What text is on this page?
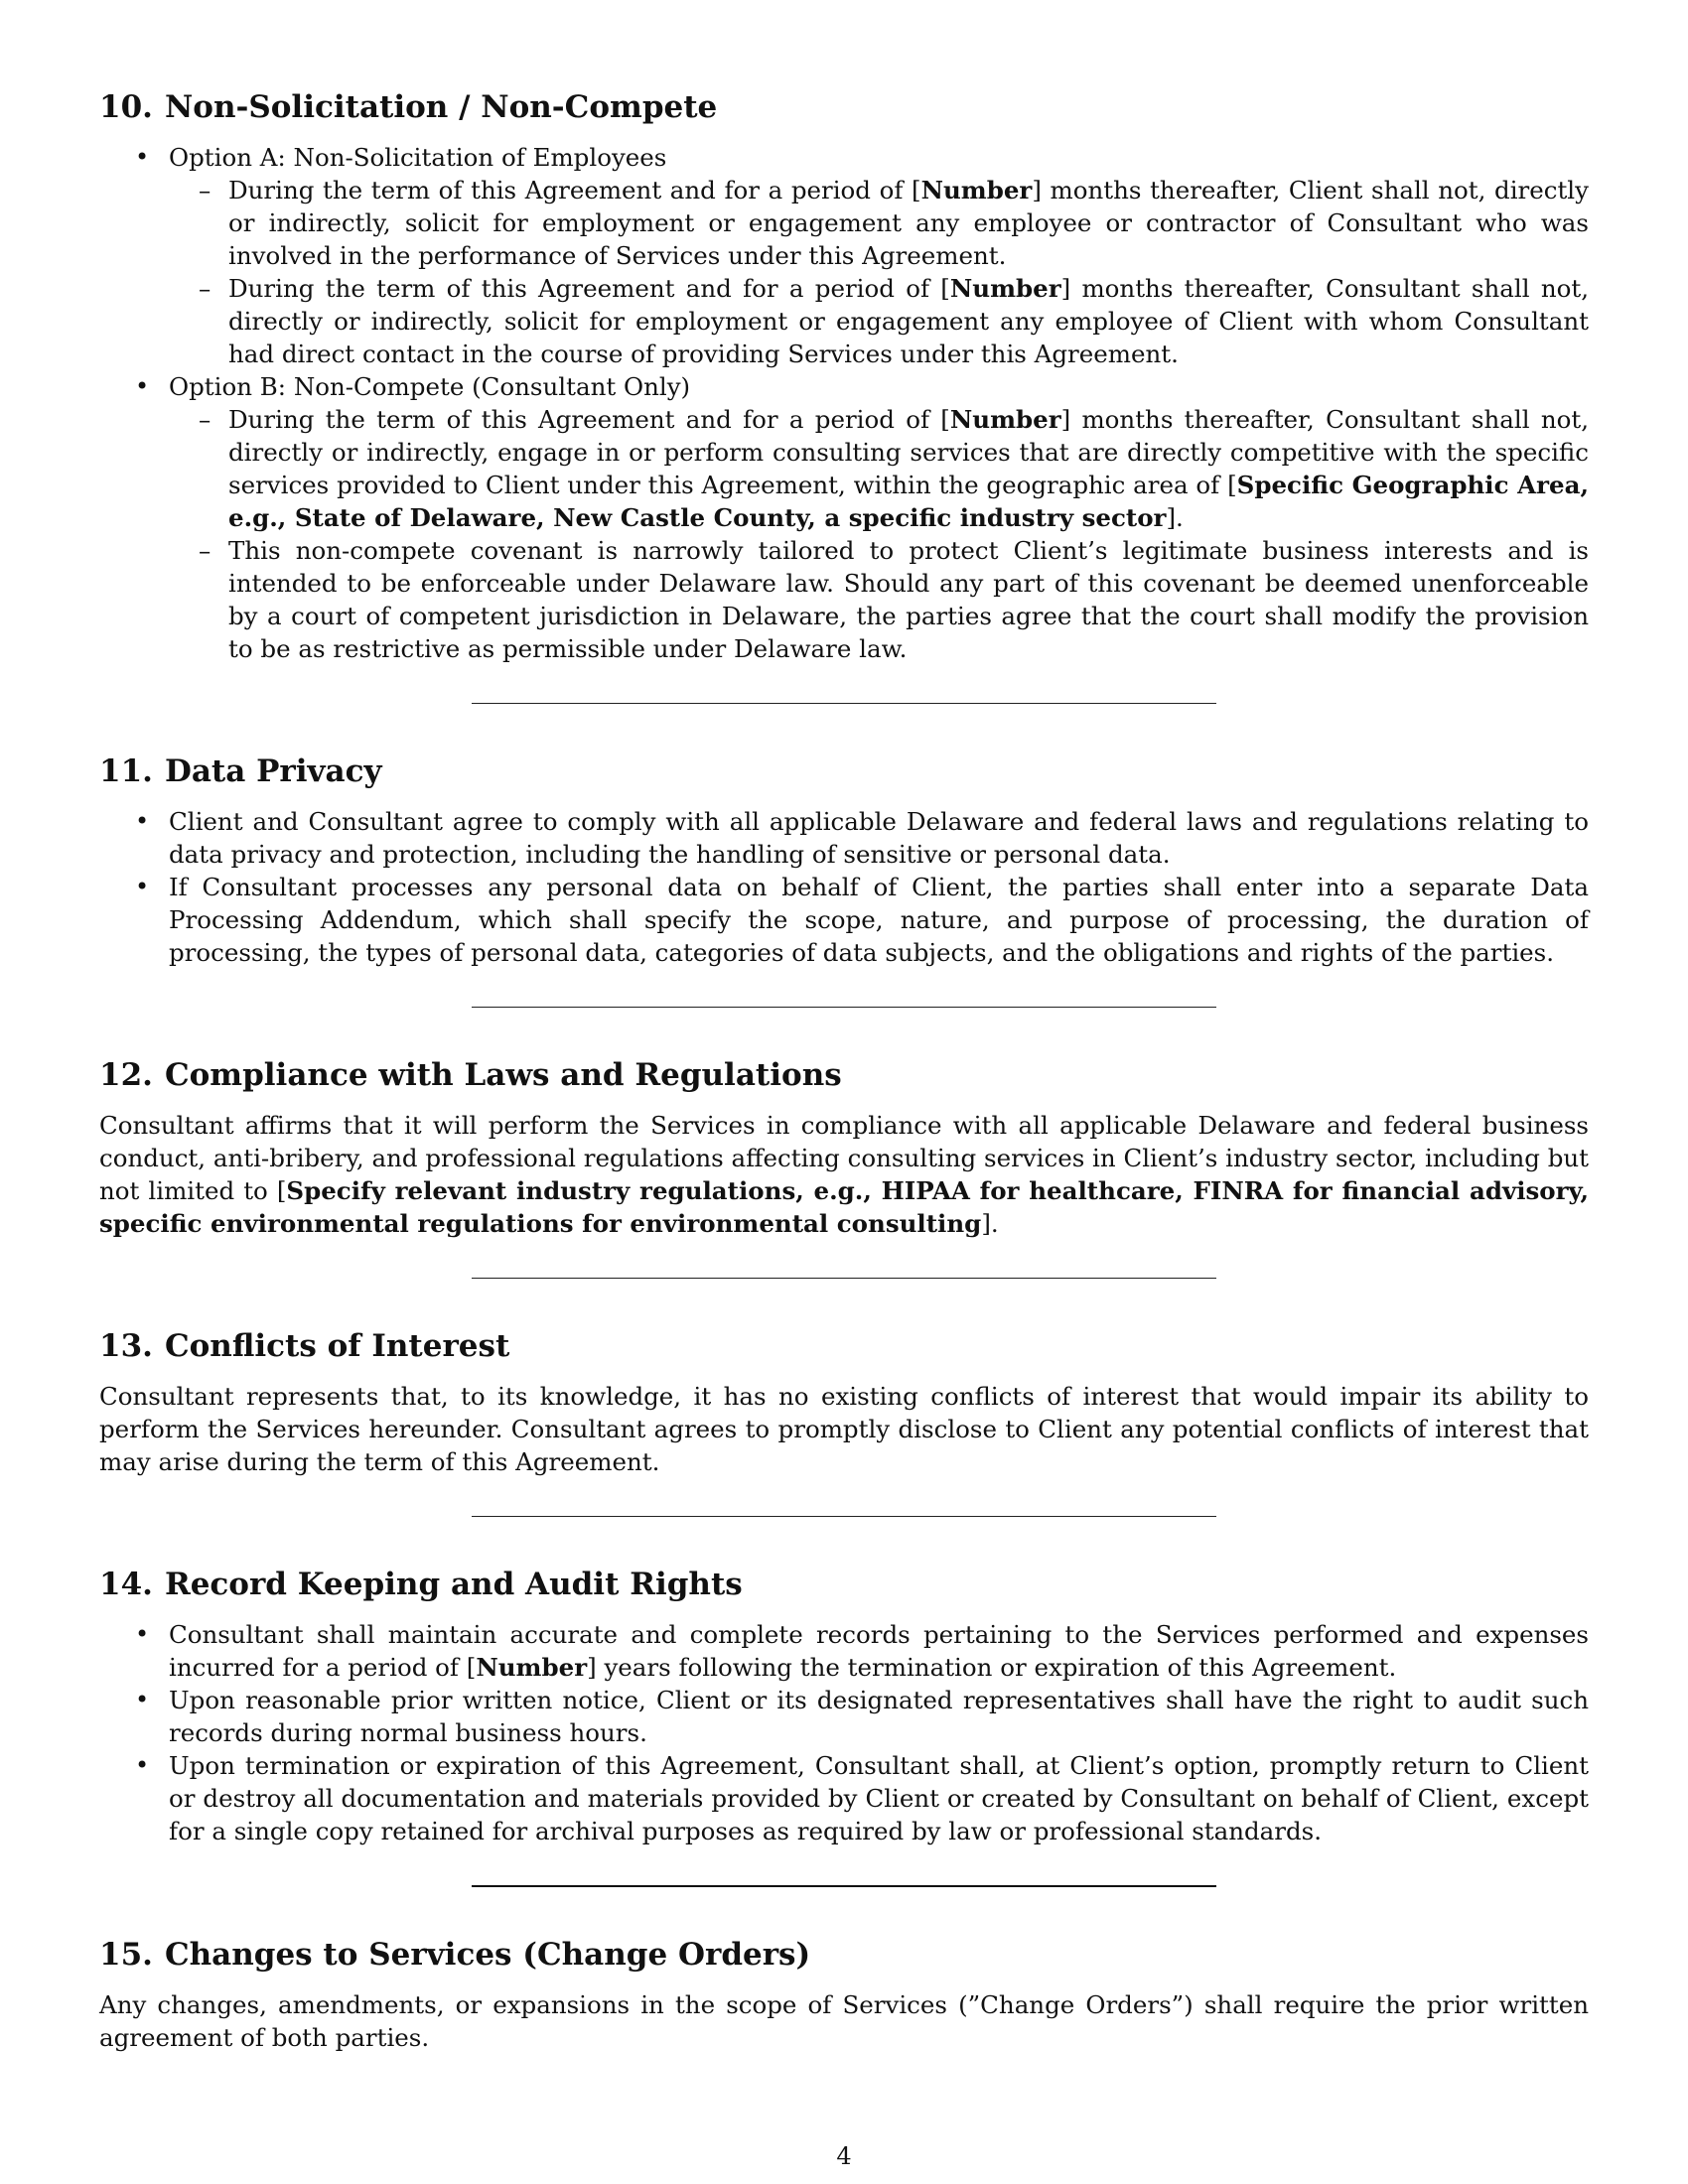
10. Non-Solicitation / Non-Compete
• Option A: Non-Solicitation of Employees
– During the term of this Agreement and for a period of [Number] months thereafter, Client shall not, directly or indirectly, solicit for employment or engagement any employee or contractor of Consultant who was involved in the performance of Services under this Agreement.
– During the term of this Agreement and for a period of [Number] months thereafter, Consultant shall not, directly or indirectly, solicit for employment or engagement any employee of Client with whom Consultant had direct contact in the course of providing Services under this Agreement.
• Option B: Non-Compete (Consultant Only)
– During the term of this Agreement and for a period of [Number] months thereafter, Consultant shall not, directly or indirectly, engage in or perform consulting services that are directly competitive with the specific services provided to Client under this Agreement, within the geographic area of [Specific Geographic Area, e.g., State of Delaware, New Castle County, a specific industry sector].
– This non-compete covenant is narrowly tailored to protect Client’s legitimate business interests and is intended to be enforceable under Delaware law. Should any part of this covenant be deemed unenforceable by a court of competent jurisdiction in Delaware, the parties agree that the court shall modify the provision to be as restrictive as permissible under Delaware law.
11. Data Privacy
• Client and Consultant agree to comply with all applicable Delaware and federal laws and regulations relating to data privacy and protection, including the handling of sensitive or personal data.
• If Consultant processes any personal data on behalf of Client, the parties shall enter into a separate Data Processing Addendum, which shall specify the scope, nature, and purpose of processing, the duration of processing, the types of personal data, categories of data subjects, and the obligations and rights of the parties.
12. Compliance with Laws and Regulations

Consultant affirms that it will perform the Services in compliance with all applicable Delaware and federal business conduct, anti-bribery, and professional regulations affecting consulting services in Client’s industry sector, including but not limited to [Specify relevant industry regulations, e.g., HIPAA for healthcare, FINRA for financial advisory, specific environmental regulations for environmental consulting].

13. Conflicts of Interest

Consultant represents that, to its knowledge, it has no existing conflicts of interest that would impair its ability to perform the Services hereunder. Consultant agrees to promptly disclose to Client any potential conflicts of interest that may arise during the term of this Agreement.

14. Record Keeping and Audit Rights
• Consultant shall maintain accurate and complete records pertaining to the Services performed and expenses incurred for a period of [Number] years following the termination or expiration of this Agreement.
• Upon reasonable prior written notice, Client or its designated representatives shall have the right to audit such records during normal business hours.
• Upon termination or expiration of this Agreement, Consultant shall, at Client’s option, promptly return to Client or destroy all documentation and materials provided by Client or created by Consultant on behalf of Client, except for a single copy retained for archival purposes as required by law or professional standards.
15. Changes to Services (Change Orders)

Any changes, amendments, or expansions in the scope of Services (”Change Orders”) shall require the prior written agreement of both parties.

4
